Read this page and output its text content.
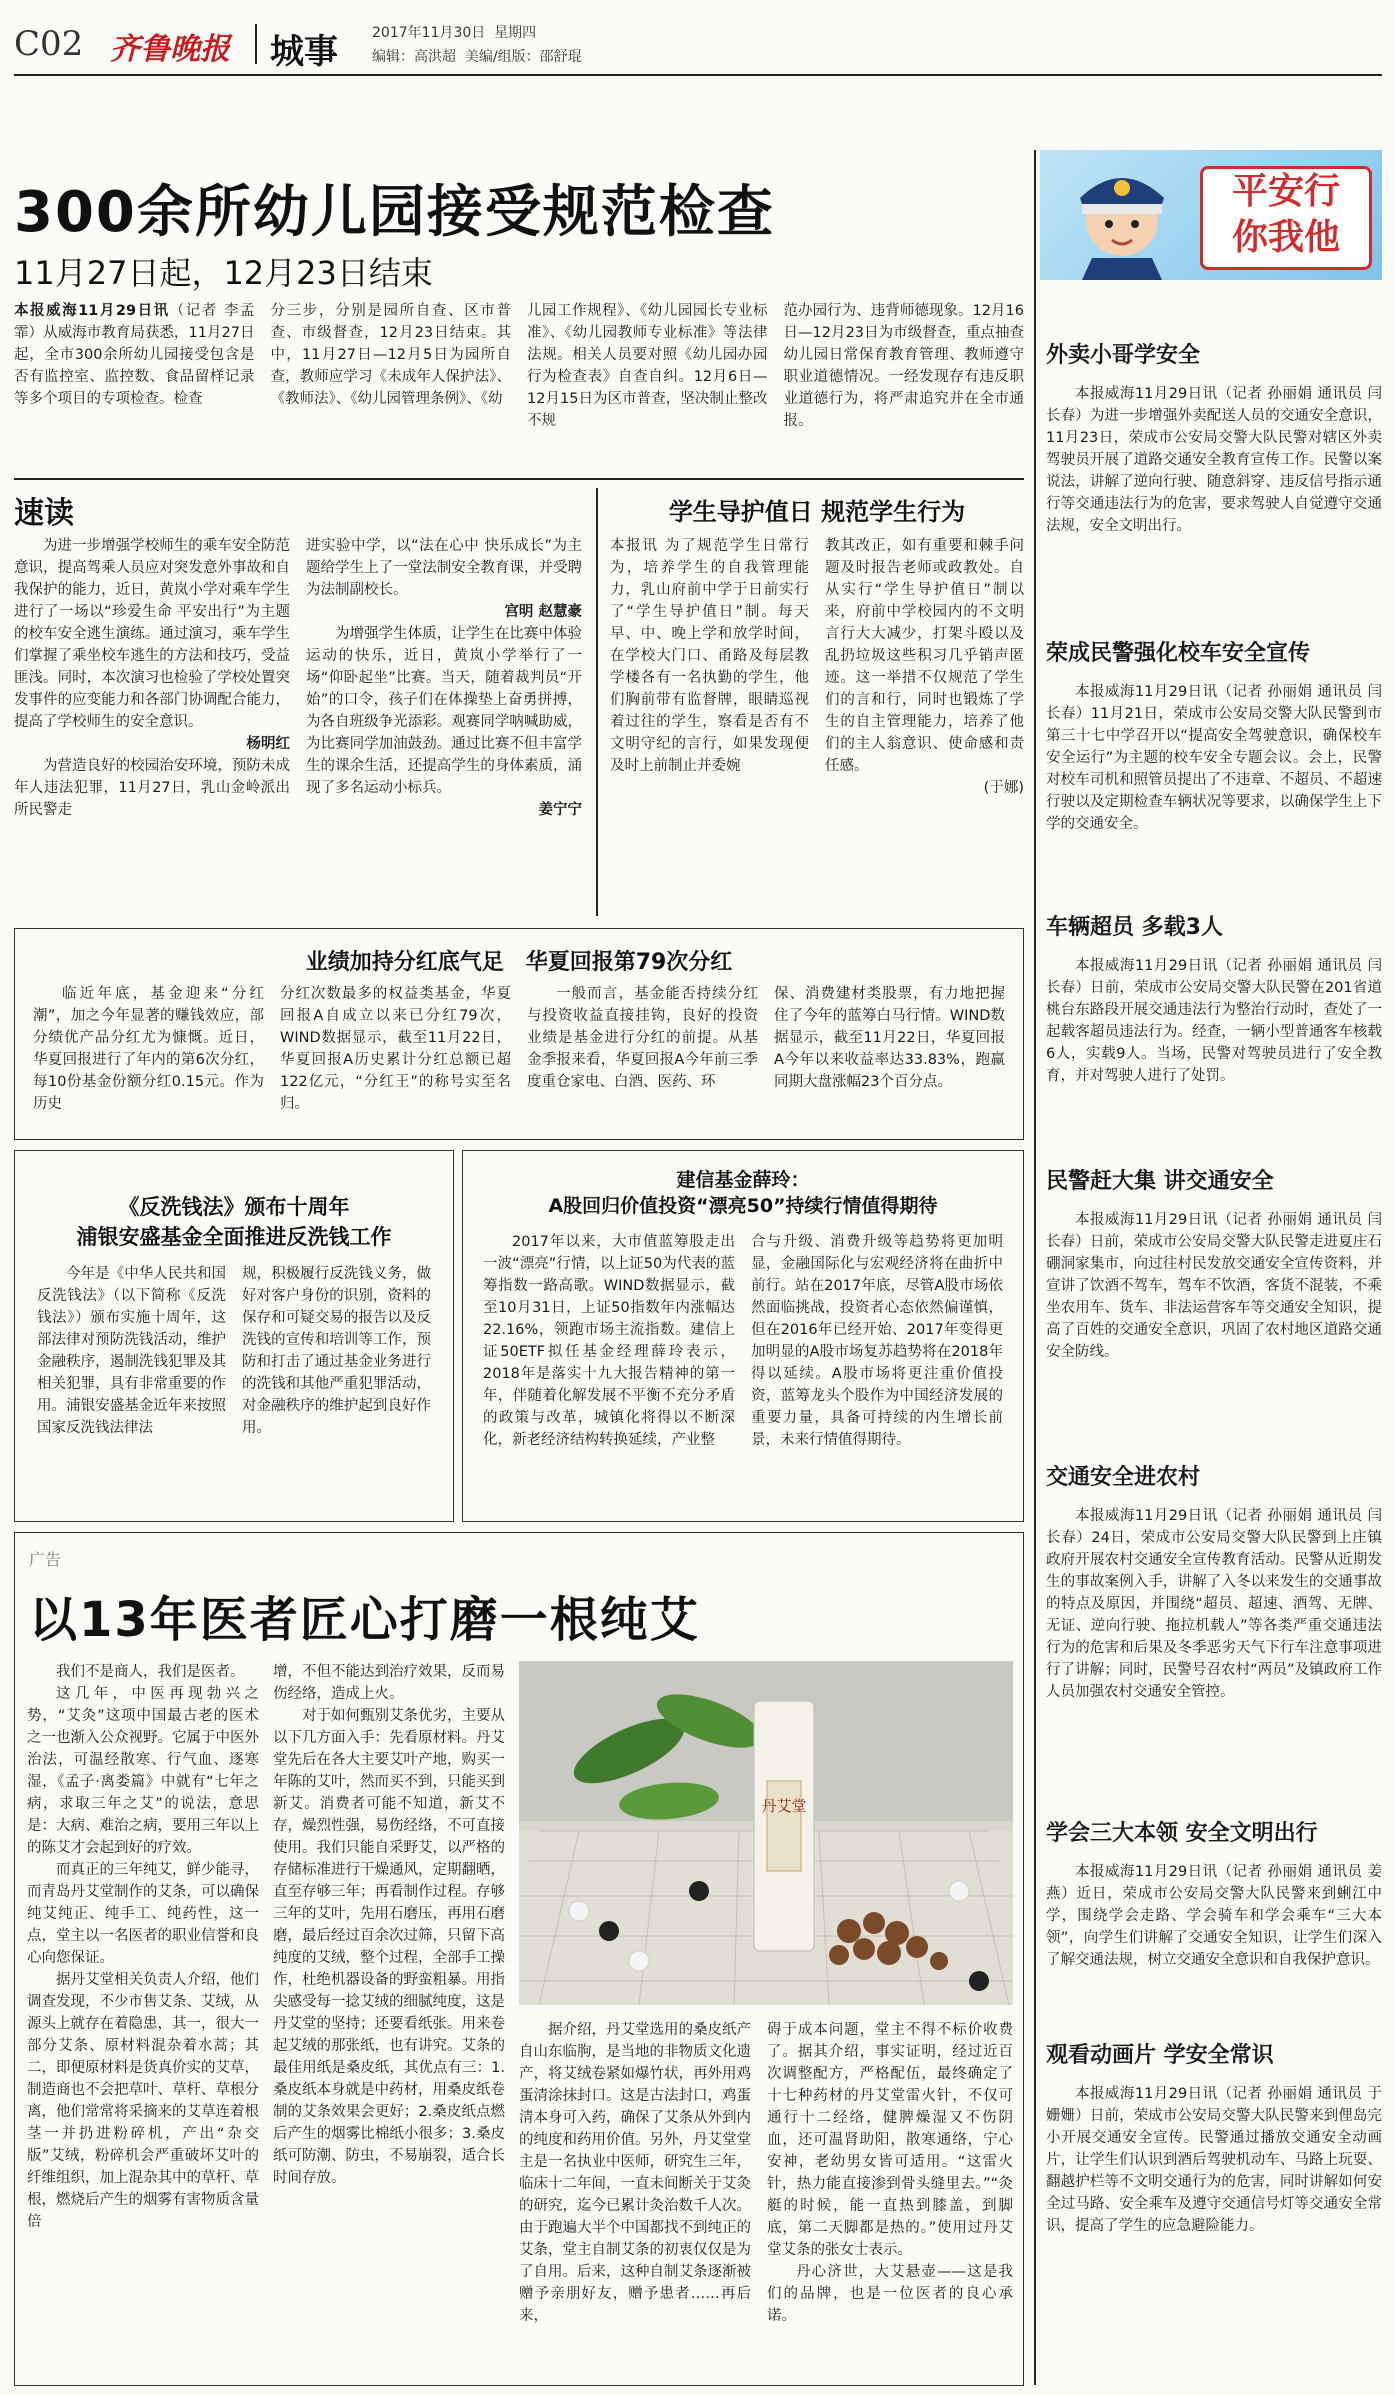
C02 齐鲁晚报 城事 2017年11月30日 星期四
编辑：高洪超 美编/组版：邵舒琨
平安行
你我他
300余所幼儿园接受规范检查
11月27日起，12月23日结束

本报威海11月29日讯（记者 李孟霏）从威海市教育局获悉，11月27日起，全市300余所幼儿园接受包含是否有监控室、监控数、食品留样记录等多个项目的专项检查。检查

分三步，分别是园所自查、区市普查、市级督查，12月23日结束。其中，11月27日—12月5日为园所自查，教师应学习《未成年人保护法》、《教师法》、《幼儿园管理条例》、《幼

儿园工作规程》、《幼儿园园长专业标准》、《幼儿园教师专业标准》等法律法规。相关人员要对照《幼儿园办园行为检查表》自查自纠。12月6日—12月15日为区市普查，坚决制止整改不规

范办园行为、违背师德现象。12月16日—12月23日为市级督查，重点抽查幼儿园日常保育教育管理、教师遵守职业道德情况。一经发现存有违反职业道德行为，将严肃追究并在全市通报。

速读

为进一步增强学校师生的乘车安全防范意识，提高驾乘人员应对突发意外事故和自我保护的能力，近日，黄岚小学对乘车学生进行了一场以“珍爱生命 平安出行”为主题的校车安全逃生演练。通过演习，乘车学生们掌握了乘坐校车逃生的方法和技巧，受益匪浅。同时，本次演习也检验了学校处置突发事件的应变能力和各部门协调配合能力，提高了学校师生的安全意识。

杨明红

为营造良好的校园治安环境，预防未成年人违法犯罪，11月27日，乳山金岭派出所民警走

进实验中学，以“法在心中 快乐成长”为主题给学生上了一堂法制安全教育课，并受聘为法制副校长。

宫明 赵慧豪

为增强学生体质，让学生在比赛中体验运动的快乐，近日，黄岚小学举行了一场“仰卧起坐”比赛。当天，随着裁判员“开始”的口令，孩子们在体操垫上奋勇拼搏，为各自班级争光添彩。观赛同学呐喊助威，为比赛同学加油鼓劲。通过比赛不但丰富学生的课余生活，还提高学生的身体素质，涌现了多名运动小标兵。

姜宁宁

学生导护值日 规范学生行为

本报讯 为了规范学生日常行为，培养学生的自我管理能力，乳山府前中学于日前实行了“学生导护值日”制。每天早、中、晚上学和放学时间，在学校大门口、甬路及每层教学楼各有一名执勤的学生，他们胸前带有监督牌，眼睛巡视着过往的学生，察看是否有不文明守纪的言行，如果发现便及时上前制止并委婉

教其改正，如有重要和棘手问题及时报告老师或政教处。自从实行“学生导护值日”制以来，府前中学校园内的不文明言行大大减少，打架斗殴以及乱扔垃圾这些积习几乎销声匿迹。这一举措不仅规范了学生们的言和行，同时也锻炼了学生的自主管理能力，培养了他们的主人翁意识、使命感和责任感。

(于娜)

业绩加持分红底气足　华夏回报第79次分红

临近年底，基金迎来“分红潮”，加之今年显著的赚钱效应，部分绩优产品分红尤为慷慨。近日，华夏回报进行了年内的第6次分红，每10份基金份额分红0.15元。作为历史

分红次数最多的权益类基金，华夏回报A自成立以来已分红79次，WIND数据显示，截至11月22日，华夏回报A历史累计分红总额已超122亿元，“分红王”的称号实至名归。

一般而言，基金能否持续分红与投资收益直接挂钩，良好的投资业绩是基金进行分红的前提。从基金季报来看，华夏回报A今年前三季度重仓家电、白酒、医药、环

保、消费建材类股票，有力地把握住了今年的蓝筹白马行情。WIND数据显示，截至11月22日，华夏回报A今年以来收益率达33.83%，跑赢同期大盘涨幅23个百分点。

《反洗钱法》颁布十周年
浦银安盛基金全面推进反洗钱工作

今年是《中华人民共和国反洗钱法》（以下简称《反洗钱法》）颁布实施十周年，这部法律对预防洗钱活动，维护金融秩序，遏制洗钱犯罪及其相关犯罪，具有非常重要的作用。浦银安盛基金近年来按照国家反洗钱法律法

规，积极履行反洗钱义务，做好对客户身份的识别，资料的保存和可疑交易的报告以及反洗钱的宣传和培训等工作，预防和打击了通过基金业务进行的洗钱和其他严重犯罪活动，对金融秩序的维护起到良好作用。

建信基金薛玲：
A股回归价值投资“漂亮50”持续行情值得期待

2017年以来，大市值蓝筹股走出一波“漂亮”行情，以上证50为代表的蓝筹指数一路高歌。WIND数据显示，截至10月31日，上证50指数年内涨幅达22.16%，领跑市场主流指数。建信上证50ETF拟任基金经理薛玲表示，2018年是落实十九大报告精神的第一年，伴随着化解发展不平衡不充分矛盾的政策与改革，城镇化将得以不断深化，新老经济结构转换延续，产业整

合与升级、消费升级等趋势将更加明显，金融国际化与宏观经济将在曲折中前行。站在2017年底，尽管A股市场依然面临挑战，投资者心态依然偏谨慎，但在2016年已经开始、2017年变得更加明显的A股市场复苏趋势将在2018年得以延续。A股市场将更注重价值投资，蓝筹龙头个股作为中国经济发展的重要力量，具备可持续的内生增长前景，未来行情值得期待。

广告
以13年医者匠心打磨一根纯艾

我们不是商人，我们是医者。

这几年，中医再现勃兴之势，“艾灸”这项中国最古老的医术之一也渐入公众视野。它属于中医外治法，可温经散寒、行气血、逐寒湿，《孟子·离娄篇》中就有“七年之病，求取三年之艾”的说法，意思是：大病、难治之病，要用三年以上的陈艾才会起到好的疗效。

而真正的三年纯艾，鲜少能寻，而青岛丹艾堂制作的艾条，可以确保纯艾纯正、纯手工、纯药性，这一点，堂主以一名医者的职业信誉和良心向您保证。

据丹艾堂相关负责人介绍，他们调查发现，不少市售艾条、艾绒，从源头上就存在着隐患，其一，很大一部分艾条、原材料混杂着水蒿；其二，即便原材料是货真价实的艾草，制造商也不会把草叶、草杆、草根分离，他们常常将采摘来的艾草连着根茎一并扔进粉碎机，产出“杂交版”艾绒，粉碎机会严重破坏艾叶的纤维组织，加上混杂其中的草杆、草根，燃烧后产生的烟雾有害物质含量倍

增，不但不能达到治疗效果，反而易伤经络，造成上火。

对于如何甄别艾条优劣，主要从以下几方面入手：先看原材料。丹艾堂先后在各大主要艾叶产地，购买一年陈的艾叶，然而买不到，只能买到新艾。消费者可能不知道，新艾不存，燥烈性强，易伤经络，不可直接使用。我们只能自采野艾，以严格的存储标准进行干燥通风，定期翻晒，直至存够三年；再看制作过程。存够三年的艾叶，先用石磨压，再用石磨磨，最后经过百余次过筛，只留下高纯度的艾绒，整个过程，全部手工操作，杜绝机器设备的野蛮粗暴。用指尖感受每一捻艾绒的细腻纯度，这是丹艾堂的坚持；还要看纸张。用来卷起艾绒的那张纸，也有讲究。艾条的最佳用纸是桑皮纸，其优点有三：1.桑皮纸本身就是中药材，用桑皮纸卷制的艾条效果会更好；2.桑皮纸点燃后产生的烟雾比棉纸小很多；3.桑皮纸可防潮、防虫，不易崩裂，适合长时间存放。

丹艾堂

据介绍，丹艾堂选用的桑皮纸产自山东临朐，是当地的非物质文化遗产，将艾绒卷紧如爆竹状，再外用鸡蛋清涂抹封口。这是古法封口，鸡蛋清本身可入药，确保了艾条从外到内的纯度和药用价值。另外，丹艾堂堂主是一名执业中医师，研究生三年，临床十二年间，一直未间断关于艾灸的研究，迄今已累计灸治数千人次。由于跑遍大半个中国都找不到纯正的艾条，堂主自制艾条的初衷仅仅是为了自用。后来，这种自制艾条逐渐被赠予亲朋好友，赠予患者……再后来，

碍于成本问题，堂主不得不标价收费了。据其介绍，事实证明，经过近百次调整配方，严格配伍，最终确定了十七种药材的丹艾堂雷火针，不仅可通行十二经络，健脾燥湿又不伤阴血，还可温肾助阳，散寒通络，宁心安神，老幼男女皆可适用。“这雷火针，热力能直接渗到骨头缝里去。”“灸艇的时候，能一直热到膝盖，到脚底，第二天脚都是热的。”使用过丹艾堂艾条的张女士表示。

丹心济世，大艾悬壶——这是我们的品牌，也是一位医者的良心承诺。

外卖小哥学安全

本报威海11月29日讯（记者 孙丽娟 通讯员 闫长春）为进一步增强外卖配送人员的交通安全意识，11月23日，荣成市公安局交警大队民警对辖区外卖驾驶员开展了道路交通安全教育宣传工作。民警以案说法，讲解了逆向行驶、随意斜穿、违反信号指示通行等交通违法行为的危害，要求驾驶人自觉遵守交通法规，安全文明出行。

荣成民警强化校车安全宣传

本报威海11月29日讯（记者 孙丽娟 通讯员 闫长春）11月21日，荣成市公安局交警大队民警到市第三十七中学召开以“提高安全驾驶意识，确保校车安全运行”为主题的校车安全专题会议。会上，民警对校车司机和照管员提出了不违章、不超员、不超速行驶以及定期检查车辆状况等要求，以确保学生上下学的交通安全。

车辆超员 多载3人

本报威海11月29日讯（记者 孙丽娟 通讯员 闫长春）日前，荣成市公安局交警大队民警在201省道桃台东路段开展交通违法行为整治行动时，查处了一起载客超员违法行为。经查，一辆小型普通客车核载6人，实载9人。当场，民警对驾驶员进行了安全教育，并对驾驶人进行了处罚。

民警赶大集 讲交通安全

本报威海11月29日讯（记者 孙丽娟 通讯员 闫长春）日前，荣成市公安局交警大队民警走进夏庄石硼洞家集市，向过往村民发放交通安全宣传资料，并宣讲了饮酒不驾车，驾车不饮酒，客货不混装，不乘坐农用车、货车、非法运营客车等交通安全知识，提高了百姓的交通安全意识，巩固了农村地区道路交通安全防线。

交通安全进农村

本报威海11月29日讯（记者 孙丽娟 通讯员 闫长春）24日，荣成市公安局交警大队民警到上庄镇政府开展农村交通安全宣传教育活动。民警从近期发生的事故案例入手，讲解了入冬以来发生的交通事故的特点及原因，并围绕“超员、超速、酒驾、无牌、无证、逆向行驶、拖拉机载人”等各类严重交通违法行为的危害和后果及冬季恶劣天气下行车注意事项进行了讲解；同时，民警号召农村“两员”及镇政府工作人员加强农村交通安全管控。

学会三大本领 安全文明出行

本报威海11月29日讯（记者 孙丽娟 通讯员 姜燕）近日，荣成市公安局交警大队民警来到蜊江中学，围绕学会走路、学会骑车和学会乘车“三大本领”，向学生们讲解了交通安全知识，让学生们深入了解交通法规，树立交通安全意识和自我保护意识。

观看动画片 学安全常识

本报威海11月29日讯（记者 孙丽娟 通讯员 于姗姗）日前，荣成市公安局交警大队民警来到俚岛完小开展交通安全宣传。民警通过播放交通安全动画片，让学生们认识到酒后驾驶机动车、马路上玩耍、翻越护栏等不文明交通行为的危害，同时讲解如何安全过马路、安全乘车及遵守交通信号灯等交通安全常识，提高了学生的应急避险能力。
